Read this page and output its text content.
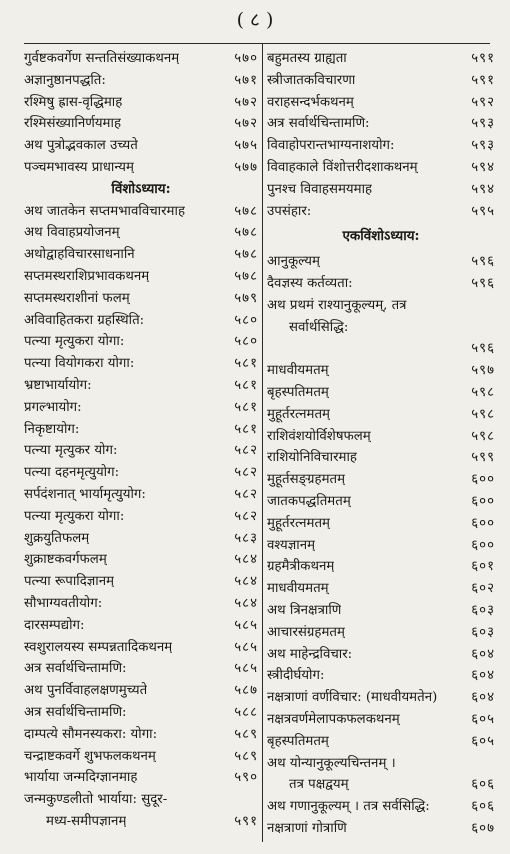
( ८ )
गुर्वष्टकवर्गेण सन्ततिसंख्याकथनम्	५७०
अज्ञानुष्ठानपद्धति:	५७१
रश्मिषु ह्रास-वृद्धिमाह	५७२
रश्मिसंख्यानिर्णयमाह	५७२
अथ पुत्रोद्भवकाल उच्यते	५७५
पञ्चमभावस्य प्राधान्यम्	५७७
विंशोऽध्याय:
अथ जातकेन सप्तमभावविचारमाह	५७८
अथ विवाहप्रयोजनम्	५७८
अथोद्वाहविचारसाधनानि	५७८
सप्तमस्थराशिप्रभावकथनम्	५७८
सप्तमस्थराशीनां फलम्	५७९
अविवाहितकरा ग्रहस्थिति:	५८०
पत्न्या मृत्युकरा योगा:	५८०
पत्न्या वियोगकरा योगा:	५८१
भ्रष्टाभार्यायोग:	५८१
प्रगल्भायोग:	५८१
निकृष्टायोग:	५८१
पत्न्या मृत्युकर योग:	५८२
पत्न्या दहनमृत्युयोग:	५८२
सर्पदंशनात् भार्यामृत्युयोग:	५८२
पत्न्या मृत्युकरा योगा:	५८२
शुक्रयुतिफलम्	५८३
शुक्राष्टकवर्गफलम्	५८४
पत्न्या रूपादिज्ञानम्	५८४
सौभाग्यवतीयोग:	५८४
दारसम्पद्योग:	५८५
स्वशुरालयस्य सम्पन्नतादिकथनम्	५८५
अत्र सर्वार्थचिन्तामणि:	५८५
अथ पुनर्विवाहलक्षणमुच्यते	५८७
अत्र सर्वार्थचिन्तामणि:	५८८
दाम्पत्ये सौमनस्यकरा: योगा:	५८९
चन्द्राष्टकवर्गे शुभफलकथनम्	५८९
भार्याया जन्मदिग्ज्ञानमाह	५९०
जन्मकुण्डलीतो भार्याया: सुदूर-
मध्य-समीपज्ञानम्	५९१
बहुमतस्य ग्राह्यता	५९१
स्त्रीजातकविचारणा	५९१
वराहसन्दर्भकथनम्	५९२
अत्र सर्वार्थचिन्तामणि:	५९३
विवाहोपरान्तभाग्यनाशयोग:	५९३
विवाहकाले विंशोत्तरीदशाकथनम्	५९४
पुनश्च विवाहसमयमाह	५९४
उपसंहार:	५९५
एकविंशोऽध्याय:
आनुकूल्यम्	५९६
दैवज्ञस्य कर्तव्यता:	५९६
अथ प्रथमं राश्यानुकूल्यम्, तत्र
सर्वार्थसिद्धि:
५९६
माधवीयमतम्	५९७
बृहस्पतिमतम्	५९८
मुहूर्तरत्नमतम्	५९८
राशिवंशयोर्विशेषफलम्	५९८
राशियोनिविचारमाह	५९९
मुहूर्तसङ्ग्रहमतम्	६००
जातकपद्धतिमतम्	६००
मुहूर्तरत्नमतम्	६००
वश्यज्ञानम्	६००
ग्रहमैत्रीकथनम्	६०१
माधवीयमतम्	६०२
अथ त्रिनक्षत्राणि	६०३
आचारसंग्रहमतम्	६०३
अथ माहेन्द्रविचार:	६०४
स्त्रीदीर्घयोग:	६०४
नक्षत्राणां वर्णविचार: (माधवीयमतेन)	६०४
नक्षत्रवर्णमेलापकफलकथनम्	६०५
बृहस्पतिमतम्	६०५
अथ योन्यानुकूल्यचिन्तनम् ।
तत्र पक्षद्वयम्	६०६
अथ गणानुकूल्यम् । तत्र सर्वसिद्धि:	६०६
नक्षत्राणां गोत्राणि	६०७
